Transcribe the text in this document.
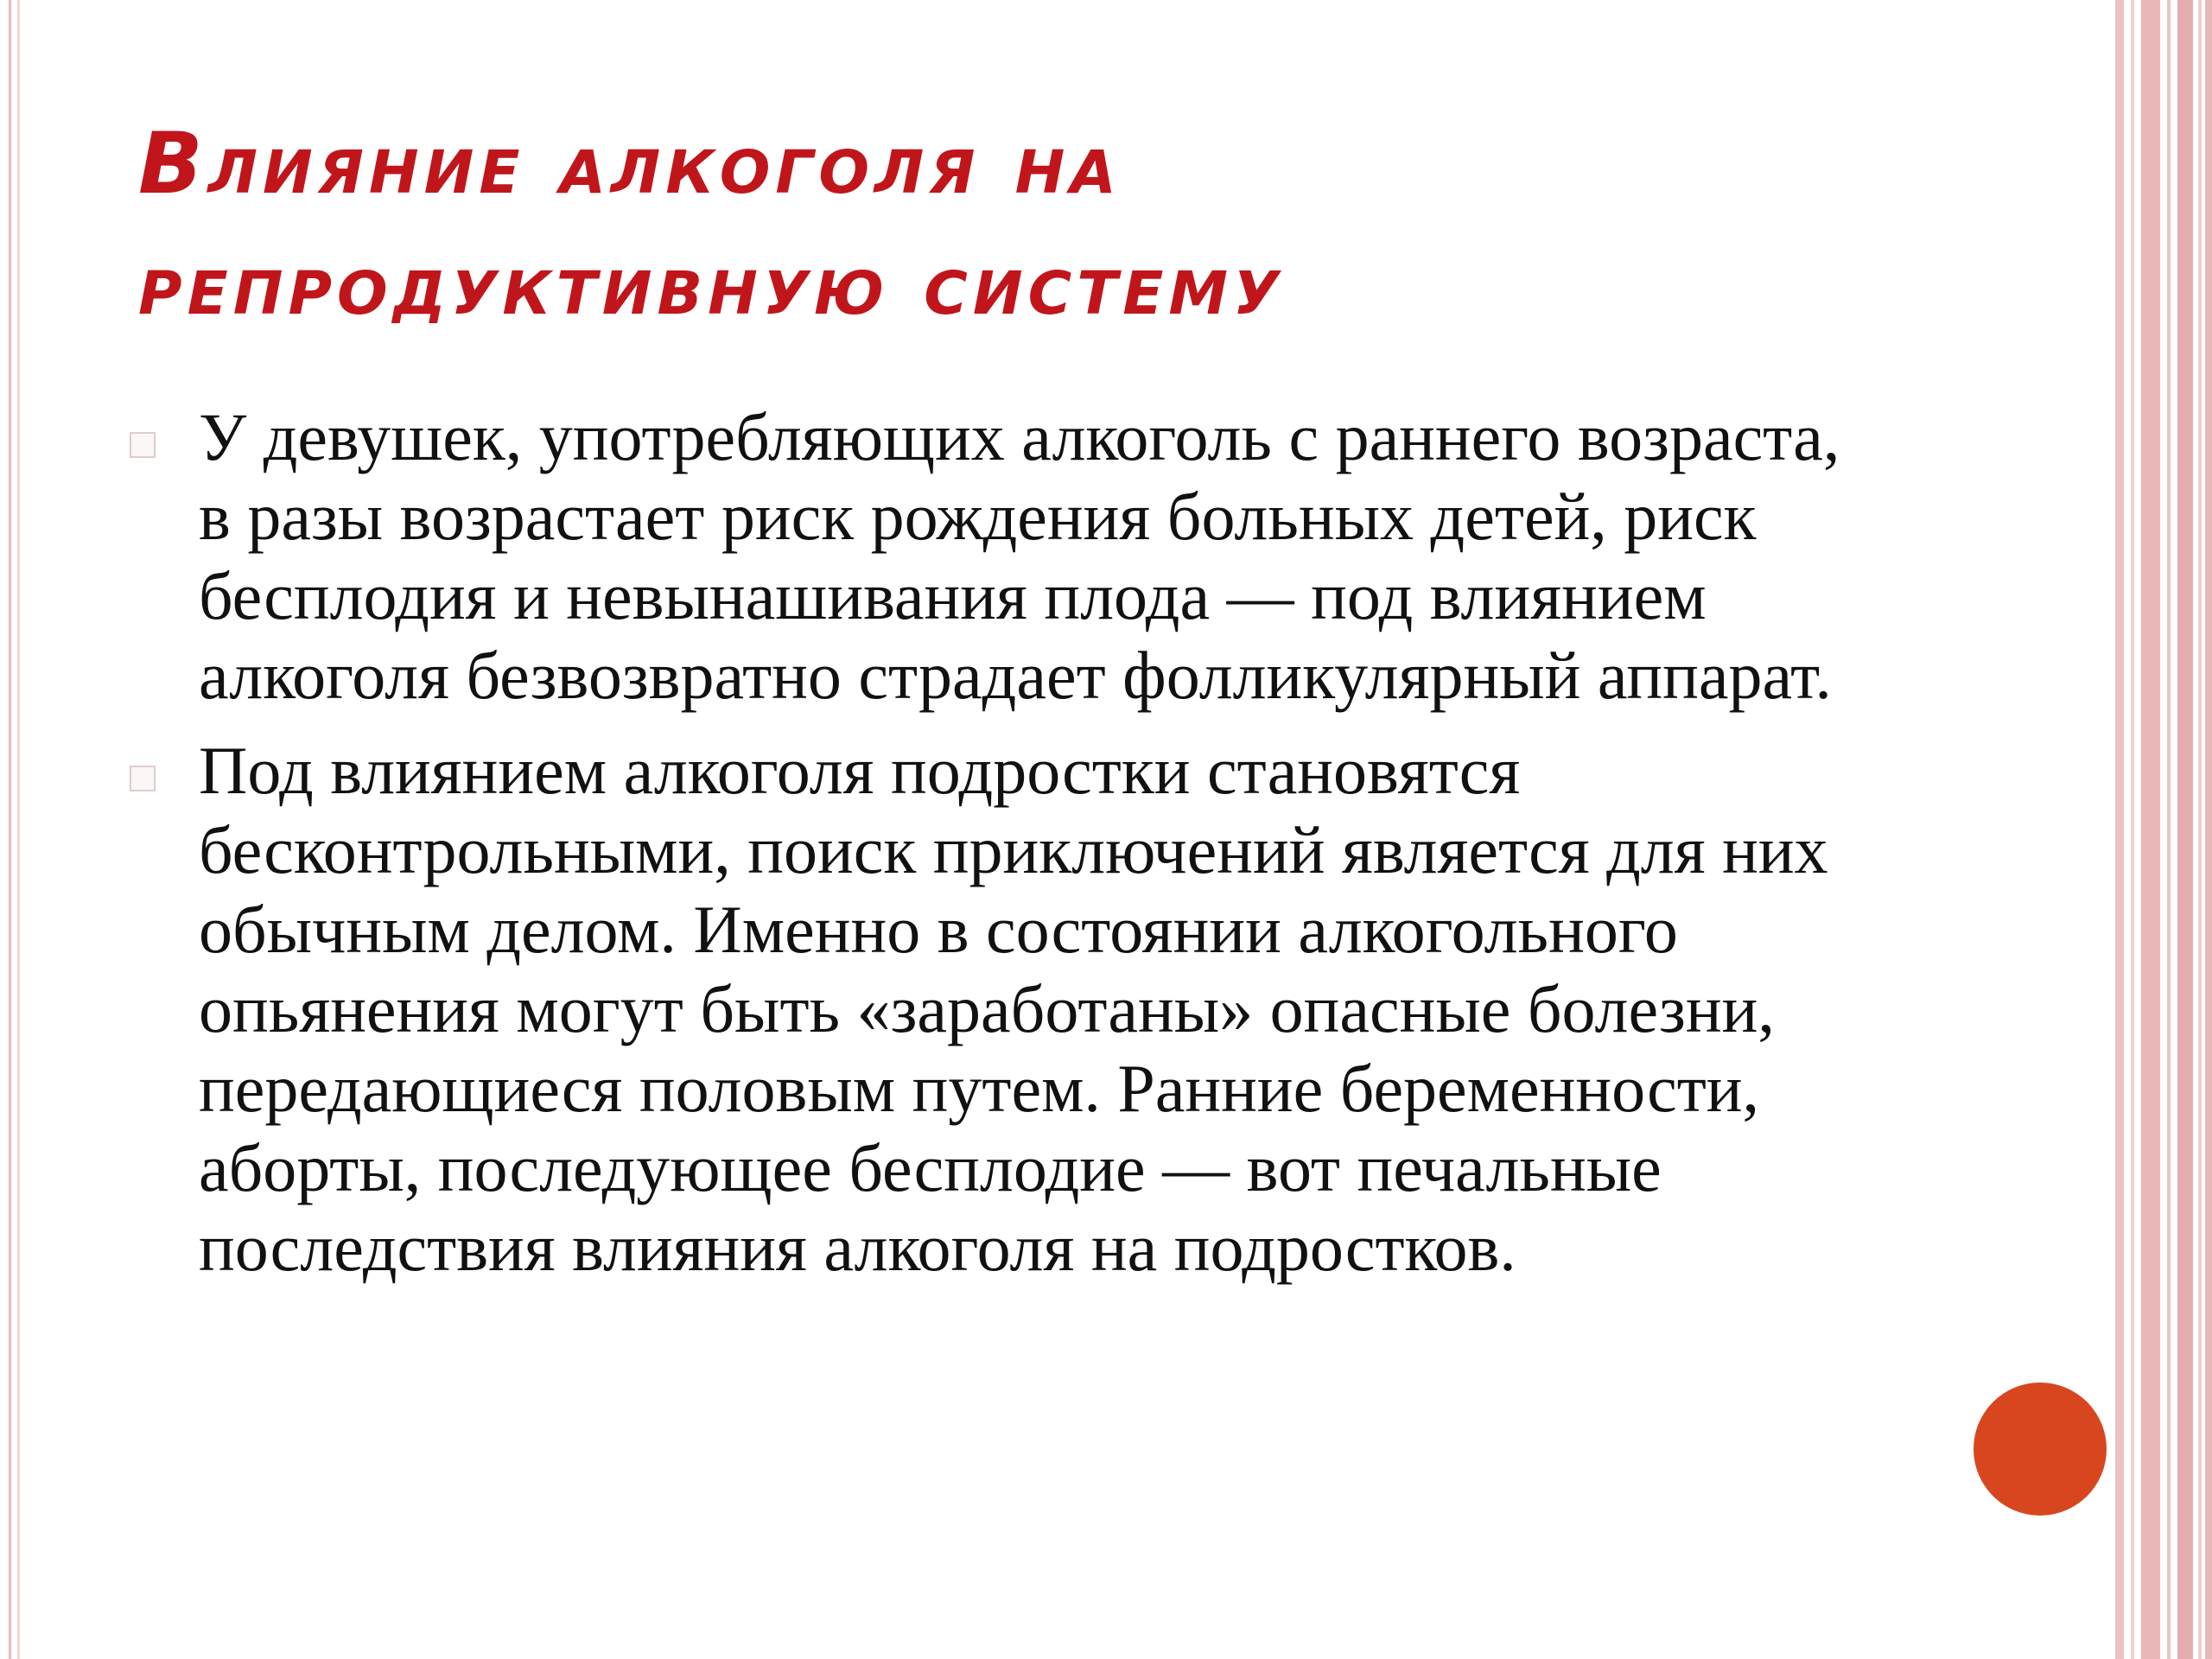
Влияние алкоголя на репродуктивную систему

У девушек, употребляющих алкоголь с раннего возраста, в разы возрастает риск рождения больных детей, риск бесплодия и невынашивания плода — под влиянием алкоголя безвозвратно страдает фолликулярный аппарат.

Под влиянием алкоголя подростки становятся бесконтрольными, поиск приключений является для них обычным делом. Именно в состоянии алкогольного опьянения могут быть «заработаны» опасные болезни, передающиеся половым путем. Ранние беременности, аборты, последующее бесплодие — вот печальные последствия влияния алкоголя на подростков.
